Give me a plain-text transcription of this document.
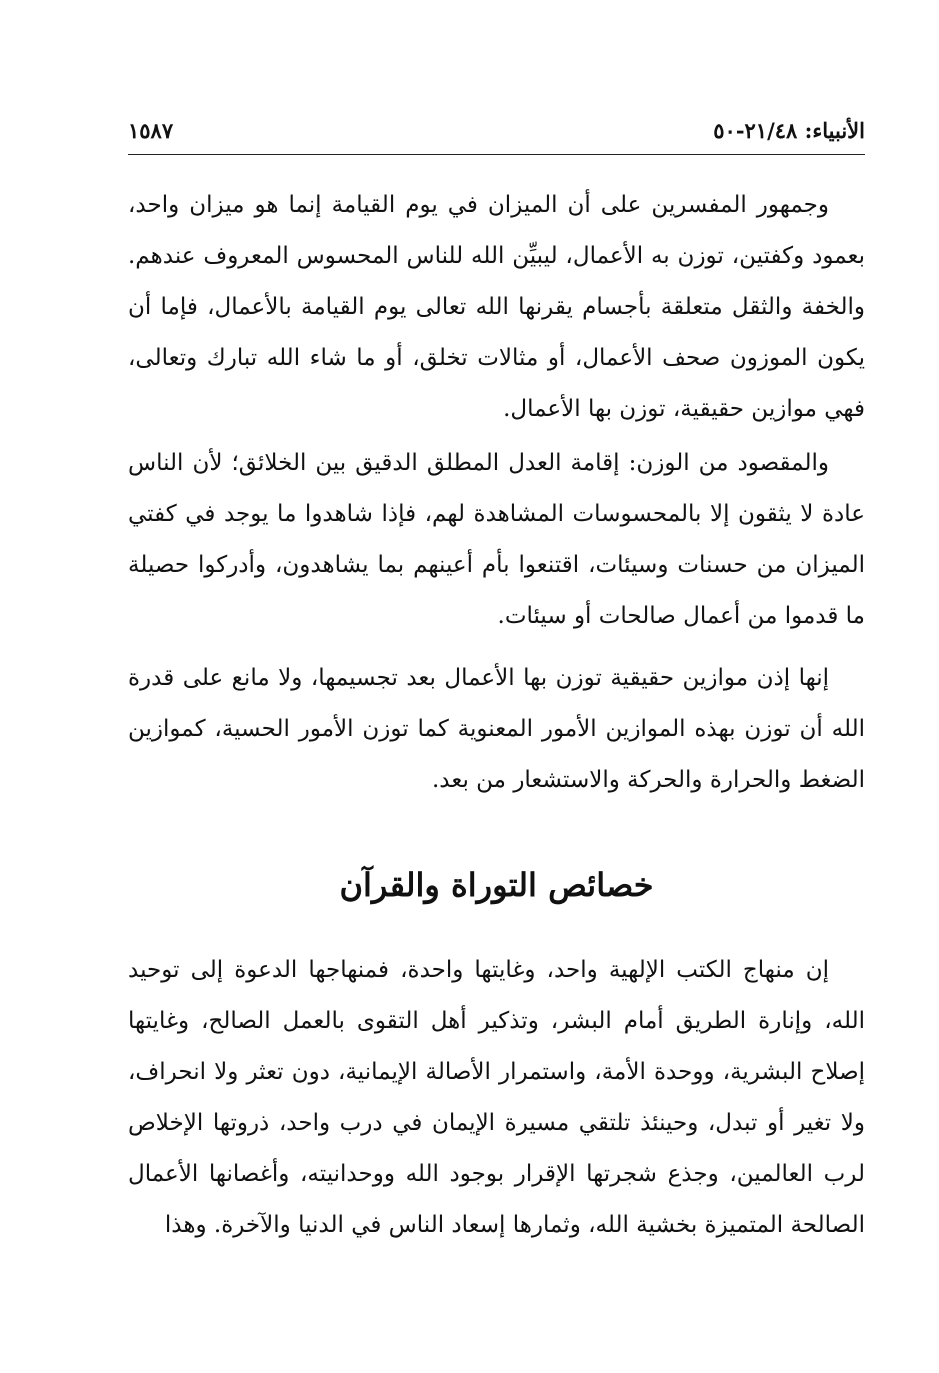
الأنبياء: ٢١/٤٨-٥٠
١٥٨٧

وجمهور المفسرين على أن الميزان في يوم القيامة إنما هو ميزان واحد، بعمود وكفتين، توزن به الأعمال، ليبيِّن الله للناس المحسوس المعروف عندهم. والخفة والثقل متعلقة بأجسام يقرنها الله تعالى يوم القيامة بالأعمال، فإما أن يكون الموزون صحف الأعمال، أو مثالات تخلق، أو ما شاء الله تبارك وتعالى، فهي موازين حقيقية، توزن بها الأعمال.

والمقصود من الوزن: إقامة العدل المطلق الدقيق بين الخلائق؛ لأن الناس عادة لا يثقون إلا بالمحسوسات المشاهدة لهم، فإذا شاهدوا ما يوجد في كفتي الميزان من حسنات وسيئات، اقتنعوا بأم أعينهم بما يشاهدون، وأدركوا حصيلة ما قدموا من أعمال صالحات أو سيئات.

إنها إذن موازين حقيقية توزن بها الأعمال بعد تجسيمها، ولا مانع على قدرة الله أن توزن بهذه الموازين الأمور المعنوية كما توزن الأمور الحسية، كموازين الضغط والحرارة والحركة والاستشعار من بعد.

خصائص التوراة والقرآن

إن منهاج الكتب الإلهية واحد، وغايتها واحدة، فمنهاجها الدعوة إلى توحيد الله، وإنارة الطريق أمام البشر، وتذكير أهل التقوى بالعمل الصالح، وغايتها إصلاح البشرية، ووحدة الأمة، واستمرار الأصالة الإيمانية، دون تعثر ولا انحراف، ولا تغير أو تبدل، وحينئذ تلتقي مسيرة الإيمان في درب واحد، ذروتها الإخلاص لرب العالمين، وجذع شجرتها الإقرار بوجود الله ووحدانيته، وأغصانها الأعمال الصالحة المتميزة بخشية الله، وثمارها إسعاد الناس في الدنيا والآخرة. وهذا
